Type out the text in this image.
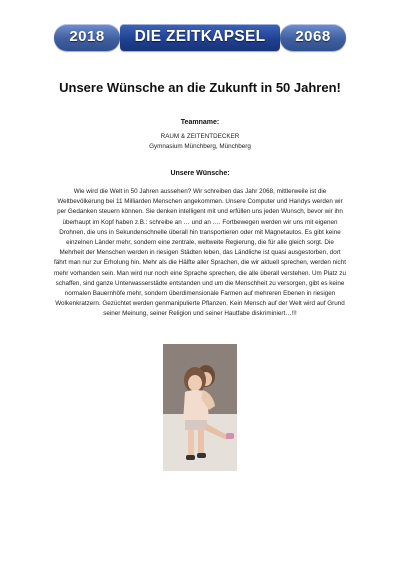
2018	DIE ZEITKAPSEL	2068
Unsere Wünsche an die Zukunft in 50 Jahren!
Teamname:
RAUM & ZEITENTDECKER
Gymnasium Münchberg, Münchberg
Unsere Wünsche:
Wie wird die Welt in 50 Jahren aussehen? Wir schreiben das Jahr 2068, mittlerweile ist die Weltbevölkerung bei 11 Milliarden Menschen angekommen. Unsere Computer und Handys werden wir per Gedanken steuern können. Sie denken intelligent mit und erfüllen uns jeden Wunsch, bevor wir ihn überhaupt im Kopf haben z.B.: schreibe an … und an …. Fortbewegen werden wir uns mit eigenen Drohnen, die uns in Sekundenschnelle überall hin transportieren oder mit Magnetautos. Es gibt keine einzelnen Länder mehr, sondern eine zentrale, weltweite Regierung, die für alle gleich sorgt. Die Mehrheit der Menschen werden in riesigen Städten leben, das Ländliche ist quasi ausgestorben, dort fährt man nur zur Erholung hin. Mehr als die Hälfte aller Sprachen, die wir aktuell sprechen, werden nicht mehr vorhanden sein. Man wird nur noch eine Sprache sprechen, die alle überall verstehen. Um Platz zu schaffen, sind ganze Unterwasserstädte entstanden und um die Menschheit zu versorgen, gibt es keine normalen Bauernhöfe mehr, sondern überdimensionale Farmen auf mehreren Ebenen in riesigen Wolkenkratzern. Gezüchtet werden genmanipulierte Pflanzen. Kein Mensch auf der Welt wird auf Grund seiner Meinung, seiner Religion und seiner Hautfabe diskriminiert…!!!
